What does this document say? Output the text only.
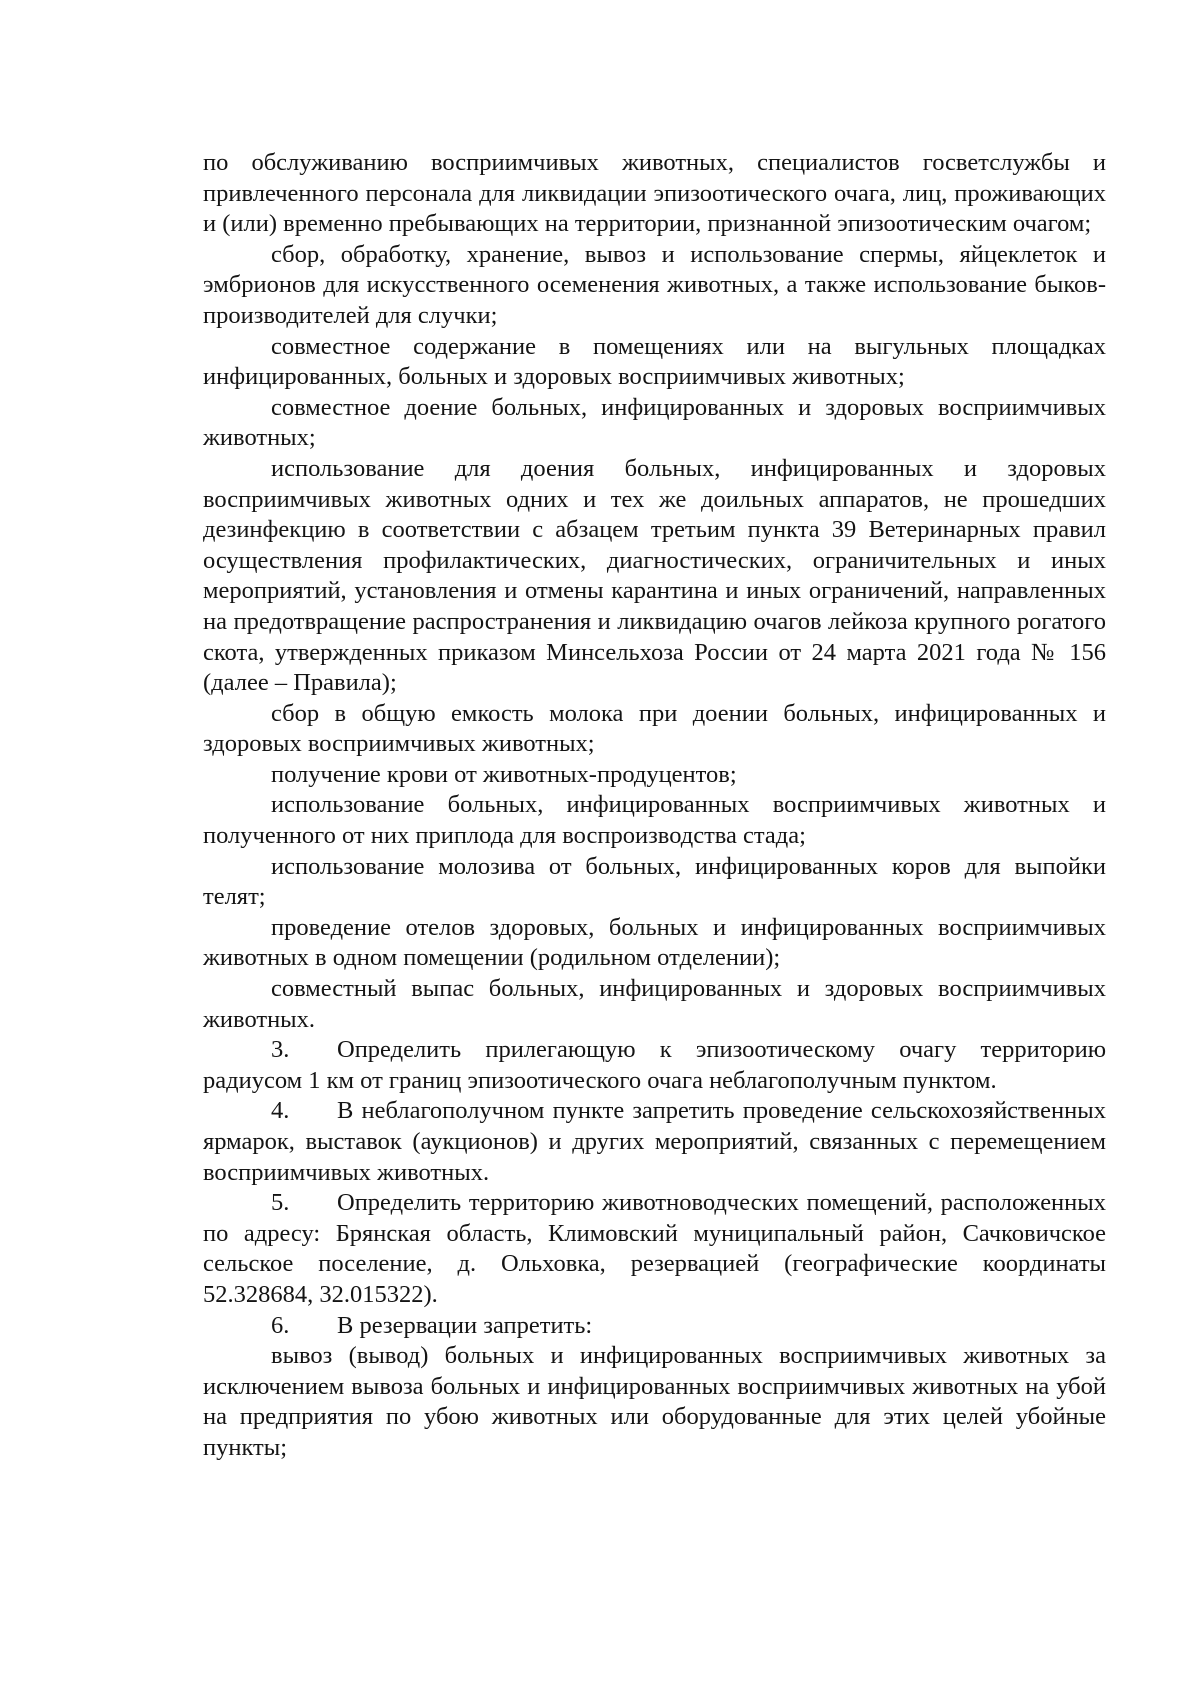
по обслуживанию восприимчивых животных, специалистов госветслужбы и привлеченного персонала для ликвидации эпизоотического очага, лиц, проживающих и (или) временно пребывающих на территории, признанной эпизоотическим очагом;

сбор, обработку, хранение, вывоз и использование спермы, яйцеклеток и эмбрионов для искусственного осеменения животных, а также использование быков-производителей для случки;

совместное содержание в помещениях или на выгульных площадках инфицированных, больных и здоровых восприимчивых животных;

совместное доение больных, инфицированных и здоровых восприимчивых животных;

использование для доения больных, инфицированных и здоровых восприимчивых животных одних и тех же доильных аппаратов, не прошедших дезинфекцию в соответствии с абзацем третьим пункта 39 Ветеринарных правил осуществления профилактических, диагностических, ограничительных и иных мероприятий, установления и отмены карантина и иных ограничений, направленных на предотвращение распространения и ликвидацию очагов лейкоза крупного рогатого скота, утвержденных приказом Минсельхоза России от 24 марта 2021 года № 156 (далее – Правила);

сбор в общую емкость молока при доении больных, инфицированных и здоровых восприимчивых животных;

получение крови от животных-продуцентов;

использование больных, инфицированных восприимчивых животных и полученного от них приплода для воспроизводства стада;

использование молозива от больных, инфицированных коров для выпойки телят;

проведение отелов здоровых, больных и инфицированных восприимчивых животных в одном помещении (родильном отделении);

совместный выпас больных, инфицированных и здоровых восприимчивых животных.

3. Определить прилегающую к эпизоотическому очагу территорию радиусом 1 км от границ эпизоотического очага неблагополучным пунктом.

4. В неблагополучном пункте запретить проведение сельскохозяйственных ярмарок, выставок (аукционов) и других мероприятий, связанных с перемещением восприимчивых животных.

5. Определить территорию животноводческих помещений, расположенных по адресу: Брянская область, Климовский муниципальный район, Сачковичское сельское поселение, д. Ольховка, резервацией (географические координаты 52.328684, 32.015322).

6. В резервации запретить:

вывоз (вывод) больных и инфицированных восприимчивых животных за исключением вывоза больных и инфицированных восприимчивых животных на убой на предприятия по убою животных или оборудованные для этих целей убойные пункты;
